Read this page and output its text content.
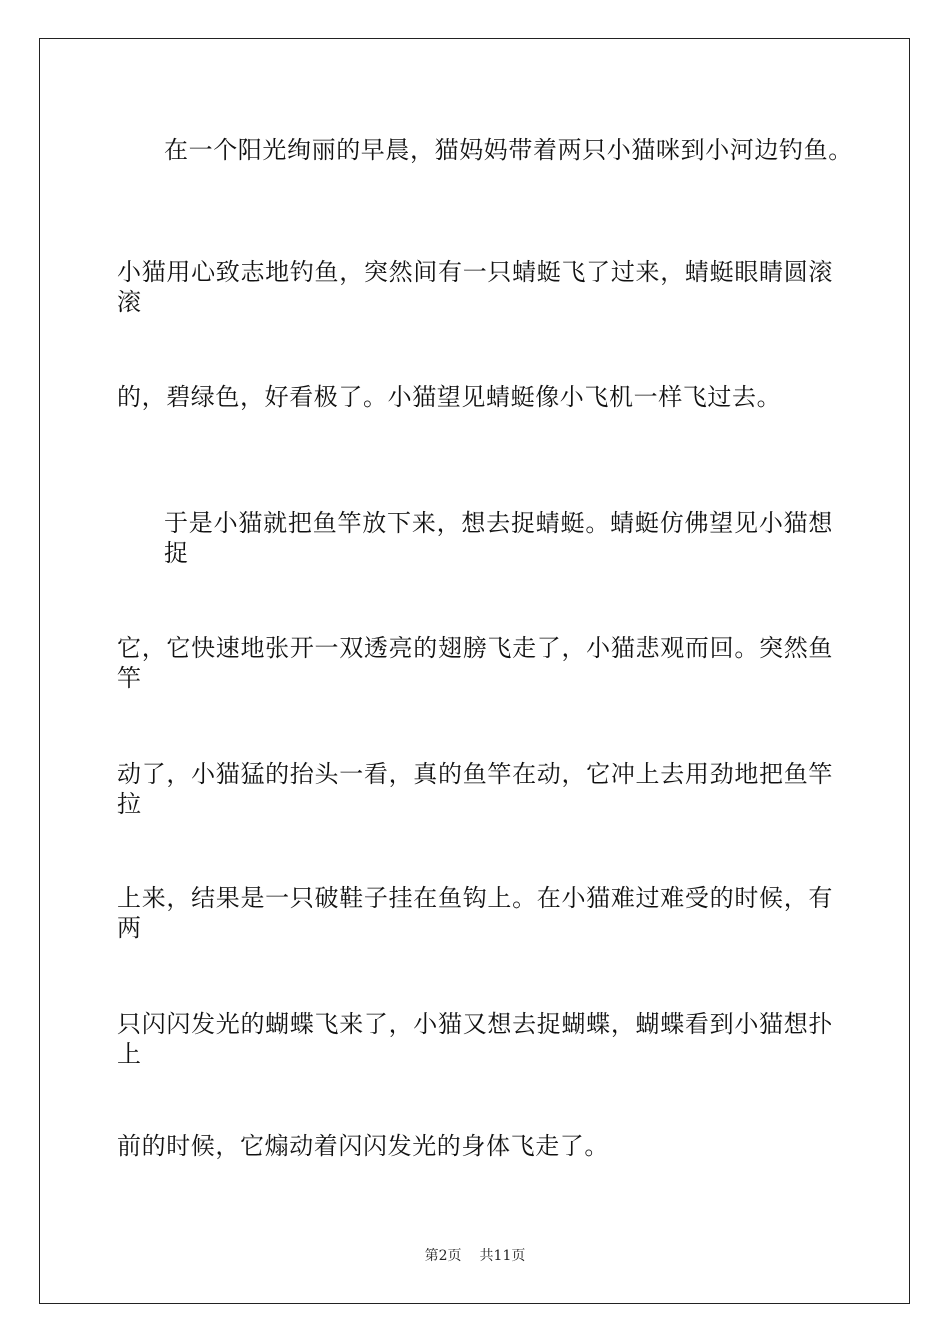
在一个阳光绚丽的早晨，猫妈妈带着两只小猫咪到小河边钓鱼。
小猫用心致志地钓鱼，突然间有一只蜻蜓飞了过来，蜻蜓眼睛圆滚滚
的，碧绿色，好看极了。小猫望见蜻蜓像小飞机一样飞过去。
于是小猫就把鱼竿放下来，想去捉蜻蜓。蜻蜓仿佛望见小猫想捉
它，它快速地张开一双透亮的翅膀飞走了，小猫悲观而回。突然鱼竿
动了，小猫猛的抬头一看，真的鱼竿在动，它冲上去用劲地把鱼竿拉
上来，结果是一只破鞋子挂在鱼钩上。在小猫难过难受的时候，有两
只闪闪发光的蝴蝶飞来了，小猫又想去捉蝴蝶，蝴蝶看到小猫想扑上
前的时候，它煽动着闪闪发光的身体飞走了。
第2页 共11页
